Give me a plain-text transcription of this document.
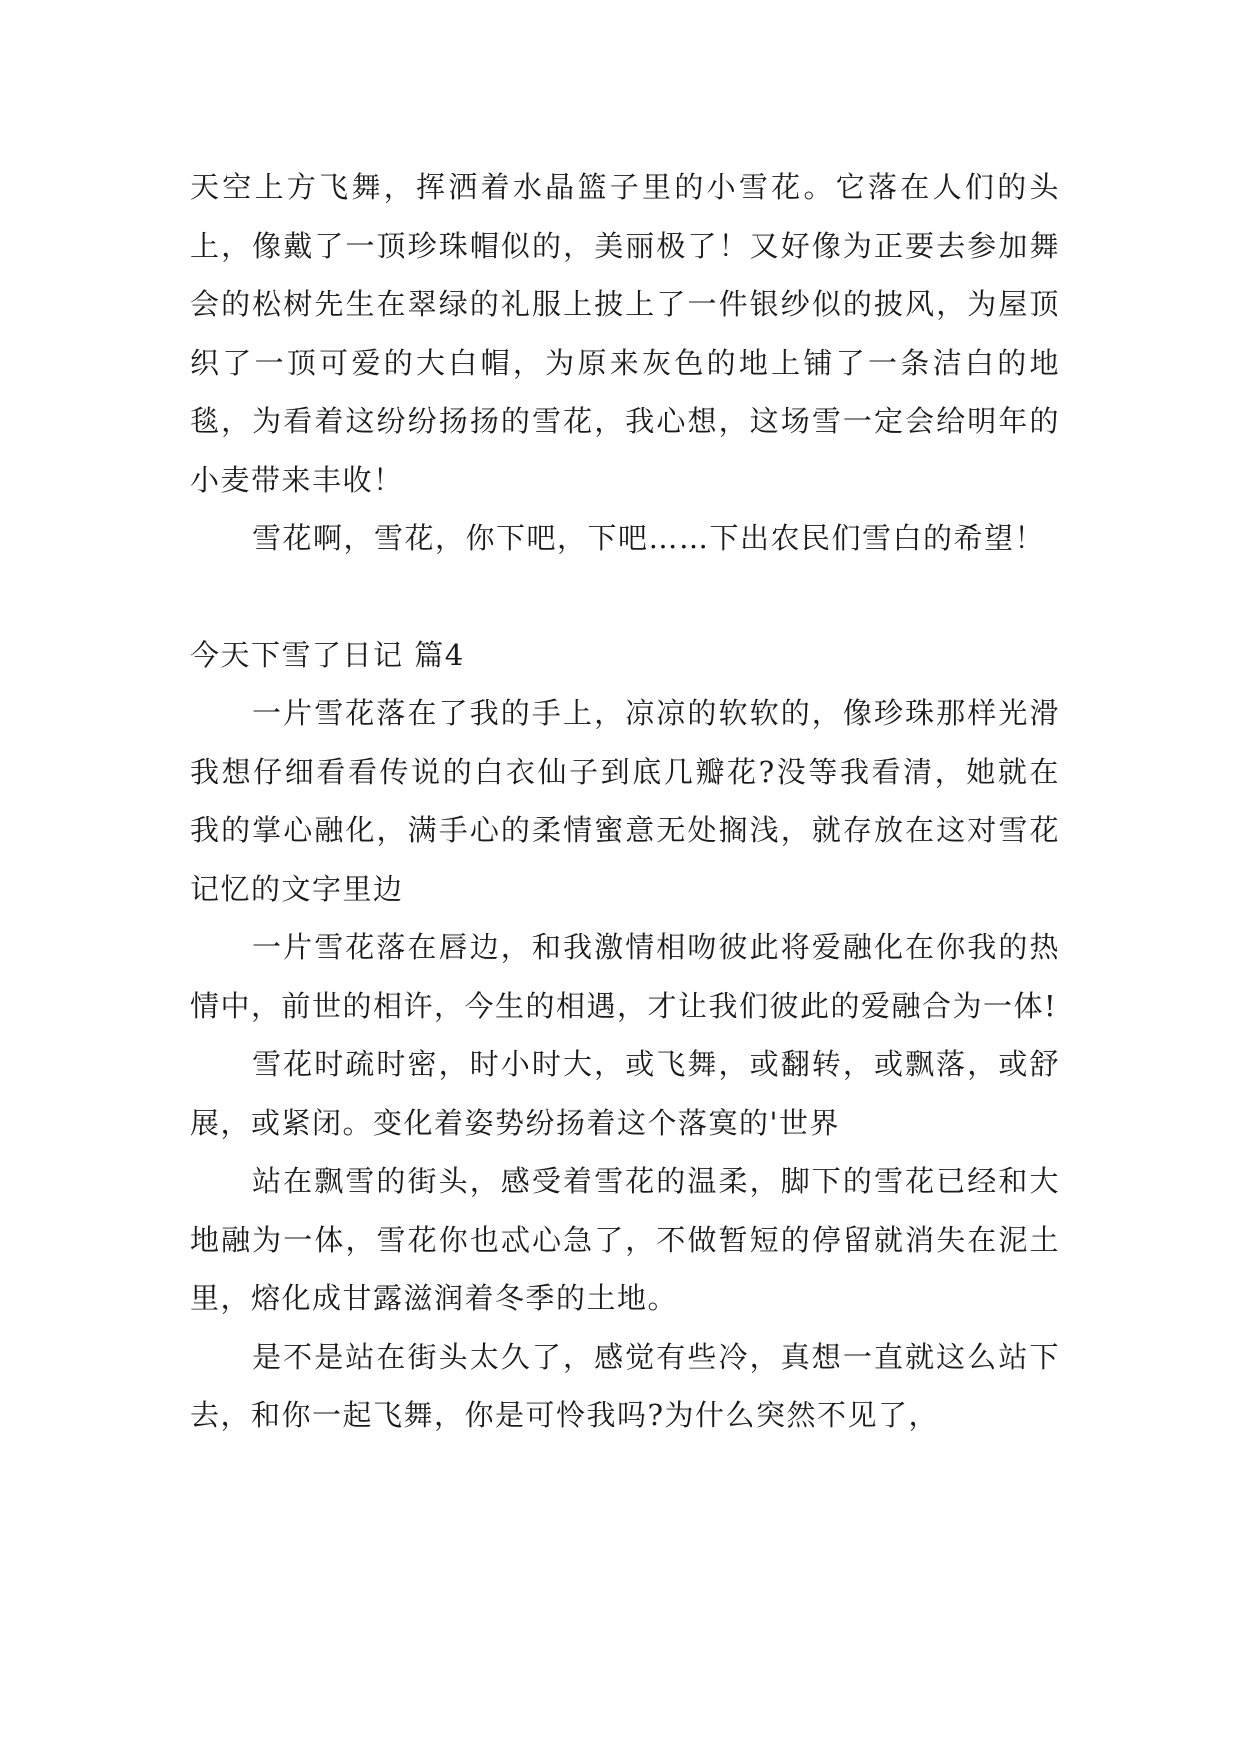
天空上方飞舞，挥洒着水晶篮子里的小雪花。它落在人们的头上，像戴了一顶珍珠帽似的，美丽极了！又好像为正要去参加舞会的松树先生在翠绿的礼服上披上了一件银纱似的披风，为屋顶织了一顶可爱的大白帽，为原来灰色的地上铺了一条洁白的地毯，为看着这纷纷扬扬的雪花，我心想，这场雪一定会给明年的小麦带来丰收！

雪花啊，雪花，你下吧，下吧……下出农民们雪白的希望！

今天下雪了日记 篇4

一片雪花落在了我的手上，凉凉的软软的，像珍珠那样光滑我想仔细看看传说的白衣仙子到底几瓣花?没等我看清，她就在我的掌心融化，满手心的柔情蜜意无处搁浅，就存放在这对雪花记忆的文字里边

一片雪花落在唇边，和我激情相吻彼此将爱融化在你我的热情中，前世的相许，今生的相遇，才让我们彼此的爱融合为一体!

雪花时疏时密，时小时大，或飞舞，或翻转，或飘落，或舒展，或紧闭。变化着姿势纷扬着这个落寞的'世界

站在飘雪的街头，感受着雪花的温柔，脚下的雪花已经和大地融为一体，雪花你也忒心急了，不做暂短的停留就消失在泥土里，熔化成甘露滋润着冬季的土地。

是不是站在街头太久了，感觉有些冷，真想一直就这么站下去，和你一起飞舞，你是可怜我吗?为什么突然不见了，
